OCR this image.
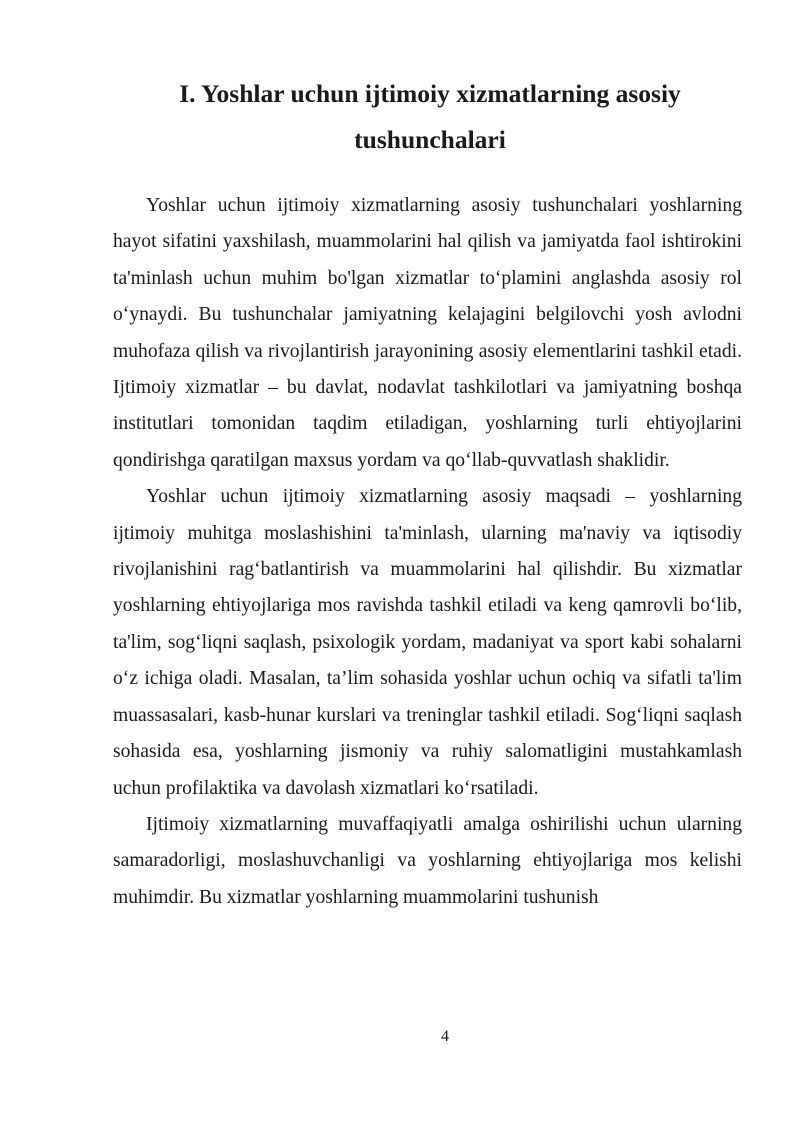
I. Yoshlar uchun ijtimoiy xizmatlarning asosiy tushunchalari

Yoshlar uchun ijtimoiy xizmatlarning asosiy tushunchalari yoshlarning hayot sifatini yaxshilash, muammolarini hal qilish va jamiyatda faol ishtirokini ta'minlash uchun muhim bo'lgan xizmatlar to‘plamini anglashda asosiy rol o‘ynaydi. Bu tushunchalar jamiyatning kelajagini belgilovchi yosh avlodni muhofaza qilish va rivojlantirish jarayonining asosiy elementlarini tashkil etadi. Ijtimoiy xizmatlar – bu davlat, nodavlat tashkilotlari va jamiyatning boshqa institutlari tomonidan taqdim etiladigan, yoshlarning turli ehtiyojlarini qondirishga qaratilgan maxsus yordam va qo‘llab-quvvatlash shaklidir.

Yoshlar uchun ijtimoiy xizmatlarning asosiy maqsadi – yoshlarning ijtimoiy muhitga moslashishini ta'minlash, ularning ma'naviy va iqtisodiy rivojlanishini rag‘batlantirish va muammolarini hal qilishdir. Bu xizmatlar yoshlarning ehtiyojlariga mos ravishda tashkil etiladi va keng qamrovli bo‘lib, ta'lim, sog‘liqni saqlash, psixologik yordam, madaniyat va sport kabi sohalarni o‘z ichiga oladi. Masalan, ta’lim sohasida yoshlar uchun ochiq va sifatli ta'lim muassasalari, kasb-hunar kurslari va treninglar tashkil etiladi. Sog‘liqni saqlash sohasida esa, yoshlarning jismoniy va ruhiy salomatligini mustahkamlash uchun profilaktika va davolash xizmatlari ko‘rsatiladi.

Ijtimoiy xizmatlarning muvaffaqiyatli amalga oshirilishi uchun ularning samaradorligi, moslashuvchanligi va yoshlarning ehtiyojlariga mos kelishi muhimdir. Bu xizmatlar yoshlarning muammolarini tushunish

4
